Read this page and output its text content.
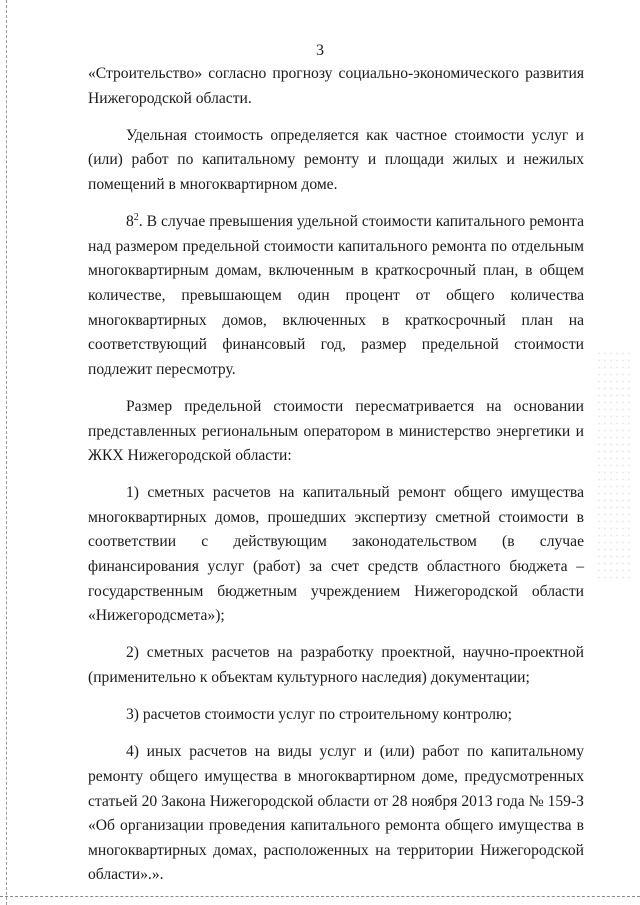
3

«Строительство» согласно прогнозу социально-экономического развития Нижегородской области.

Удельная стоимость определяется как частное стоимости услуг и (или) работ по капитальному ремонту и площади жилых и нежилых помещений в многоквартирном доме.

$8^2$. В случае превышения удельной стоимости капитального ремонта над размером предельной стоимости капитального ремонта по отдельным многоквартирным домам, включенным в краткосрочный план, в общем количестве, превышающем один процент от общего количества многоквартирных домов, включенных в краткосрочный план на соответствующий финансовый год, размер предельной стоимости подлежит пересмотру.

Размер предельной стоимости пересматривается на основании представленных региональным оператором в министерство энергетики и ЖКХ Нижегородской области:

1) сметных расчетов на капитальный ремонт общего имущества многоквартирных домов, прошедших экспертизу сметной стоимости в соответствии с действующим законодательством (в случае финансирования услуг (работ) за счет средств областного бюджета – государственным бюджетным учреждением Нижегородской области «Нижегородсмета»);

2) сметных расчетов на разработку проектной, научно-проектной (применительно к объектам культурного наследия) документации;

3) расчетов стоимости услуг по строительному контролю;

4) иных расчетов на виды услуг и (или) работ по капитальному ремонту общего имущества в многоквартирном доме, предусмотренных статьей 20 Закона Нижегородской области от 28 ноября 2013 года № 159-З «Об организации проведения капитального ремонта общего имущества в многоквартирных домах, расположенных на территории Нижегородской области».».
